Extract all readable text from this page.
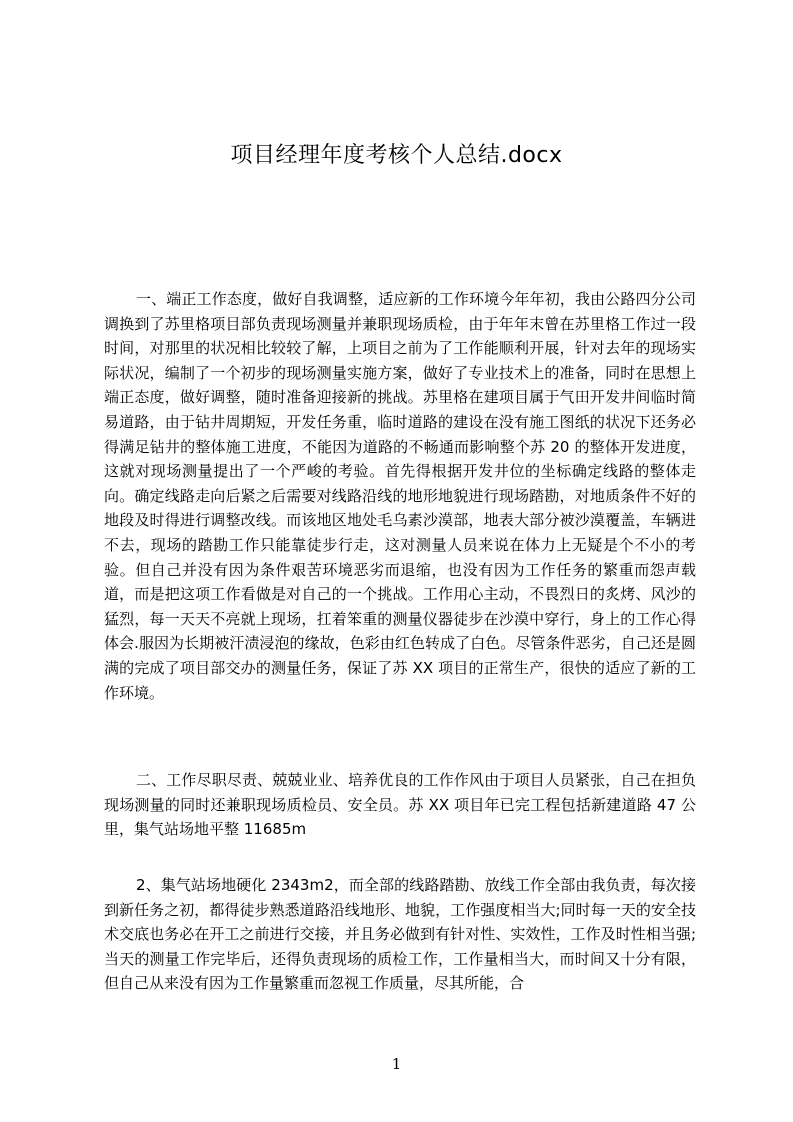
项目经理年度考核个人总结.docx

一、端正工作态度，做好自我调整，适应新的工作环境今年年初，我由公路四分公司调换到了苏里格项目部负责现场测量并兼职现场质检，由于年年末曾在苏里格工作过一段时间，对那里的状况相比较较了解，上项目之前为了工作能顺利开展，针对去年的现场实际状况，编制了一个初步的现场测量实施方案，做好了专业技术上的准备，同时在思想上端正态度，做好调整，随时准备迎接新的挑战。苏里格在建项目属于气田开发井间临时简易道路，由于钻井周期短，开发任务重，临时道路的建设在没有施工图纸的状况下还务必得满足钻井的整体施工进度，不能因为道路的不畅通而影响整个苏 20 的整体开发进度，这就对现场测量提出了一个严峻的考验。首先得根据开发井位的坐标确定线路的整体走向。确定线路走向后紧之后需要对线路沿线的地形地貌进行现场踏勘，对地质条件不好的地段及时得进行调整改线。而该地区地处毛乌素沙漠部，地表大部分被沙漠覆盖，车辆进不去，现场的踏勘工作只能靠徒步行走，这对测量人员来说在体力上无疑是个不小的考验。但自己并没有因为条件艰苦环境恶劣而退缩，也没有因为工作任务的繁重而怨声载道，而是把这项工作看做是对自己的一个挑战。工作用心主动，不畏烈日的炙烤、风沙的猛烈，每一天天不亮就上现场，扛着笨重的测量仪器徒步在沙漠中穿行，身上的工作心得体会.服因为长期被汗渍浸泡的缘故，色彩由红色转成了白色。尽管条件恶劣，自己还是圆满的完成了项目部交办的测量任务，保证了苏 XX 项目的正常生产，很快的适应了新的工作环境。

二、工作尽职尽责、兢兢业业、培养优良的工作作风由于项目人员紧张，自己在担负现场测量的同时还兼职现场质检员、安全员。苏 XX 项目年已完工程包括新建道路 47 公里，集气站场地平整 11685m

2、集气站场地硬化 2343m2，而全部的线路踏勘、放线工作全部由我负责，每次接到新任务之初，都得徒步熟悉道路沿线地形、地貌，工作强度相当大;同时每一天的安全技术交底也务必在开工之前进行交接，并且务必做到有针对性、实效性，工作及时性相当强;当天的测量工作完毕后，还得负责现场的质检工作，工作量相当大，而时间又十分有限，但自己从来没有因为工作量繁重而忽视工作质量，尽其所能，合

1
